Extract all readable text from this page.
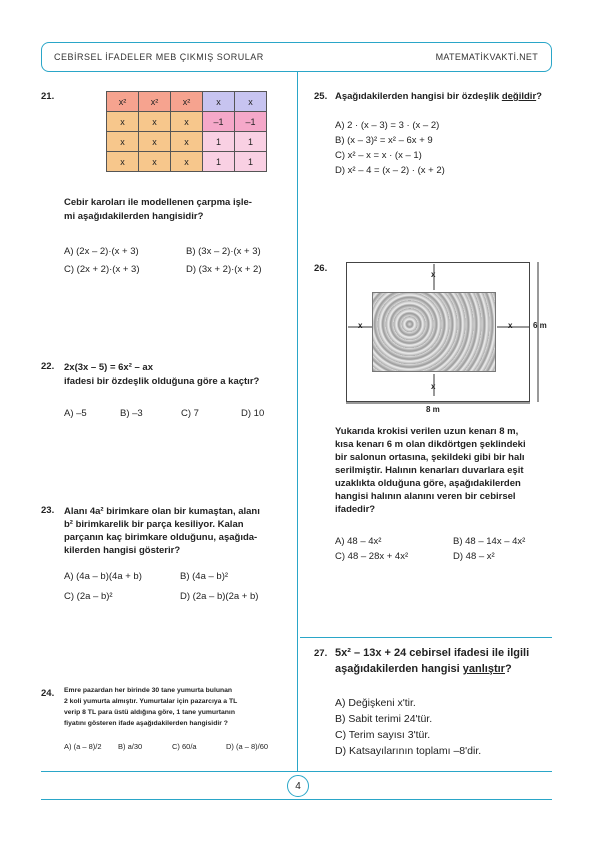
CEBİRSEL İFADELER MEB ÇIKMIŞ SORULAR	MATEMATİKVAKTİ.NET
21.	x²	x²	x²	x	x
x	x	x	–1	–1
x	x	x	1	1
x	x	x	1	1
Cebir karoları ile modellenen çarpma işle-
mi aşağıdakilerden hangisidir?
A) (2x – 2)·(x + 3)	B) (3x – 2)·(x + 3)
C) (2x + 2)·(x + 3)	D) (3x + 2)·(x + 2)
22. 2x(3x – 5) = 6x² – ax
ifadesi bir özdeşlik olduğuna göre a kaçtır?
A) –5	B) –3	C) 7	D) 10
23. Alanı 4a² birimkare olan bir kumaştan, alanı
b² birimkarelik bir parça kesiliyor. Kalan
parçanın kaç birimkare olduğunu, aşağıda-
kilerden hangisi gösterir?
A) (4a – b)(4a + b)	B) (4a – b)²
C) (2a – b)²	D) (2a – b)(2a + b)
24. Emre pazardan her birinde 30 tane yumurta bulunan
2 koli yumurta almıştır. Yumurtalar için pazarcıya a TL
verip 8 TL para üstü aldığına göre, 1 tane yumurtanın
fiyatını gösteren ifade aşağıdakilerden hangisidir ?
A) (a – 8)/2 B) a/30	C) 60/a	D) (a – 8)/60
25. Aşağıdakilerden hangisi bir özdeşlik değildir?
A) 2 · (x – 3) = 3 · (x – 2)
B) (x – 3)² = x² – 6x + 9
C) x² – x = x · (x – 1)
D) x² – 4 = (x – 2) · (x + 2)
26.
x
x
x	x	6 m
8 m
Yukarıda krokisi verilen uzun kenarı 8 m,
kısa kenarı 6 m olan dikdörtgen şeklindeki
bir salonun ortasına, şekildeki gibi bir halı
serilmiştir. Halının kenarları duvarlara eşit
uzaklıkta olduğuna göre, aşağıdakilerden
hangisi halının alanını veren bir cebirsel
ifadedir?
A) 48 – 4x²	B) 48 – 14x – 4x²
C) 48 – 28x + 4x²	D) 48 – x²
27. 5x² – 13x + 24 cebirsel ifadesi ile ilgili
aşağıdakilerden hangisi yanlıştır?
A) Değişkeni x'tir.
B) Sabit terimi 24'tür.
C) Terim sayısı 3'tür.
D) Katsayılarının toplamı –8'dir.
4
